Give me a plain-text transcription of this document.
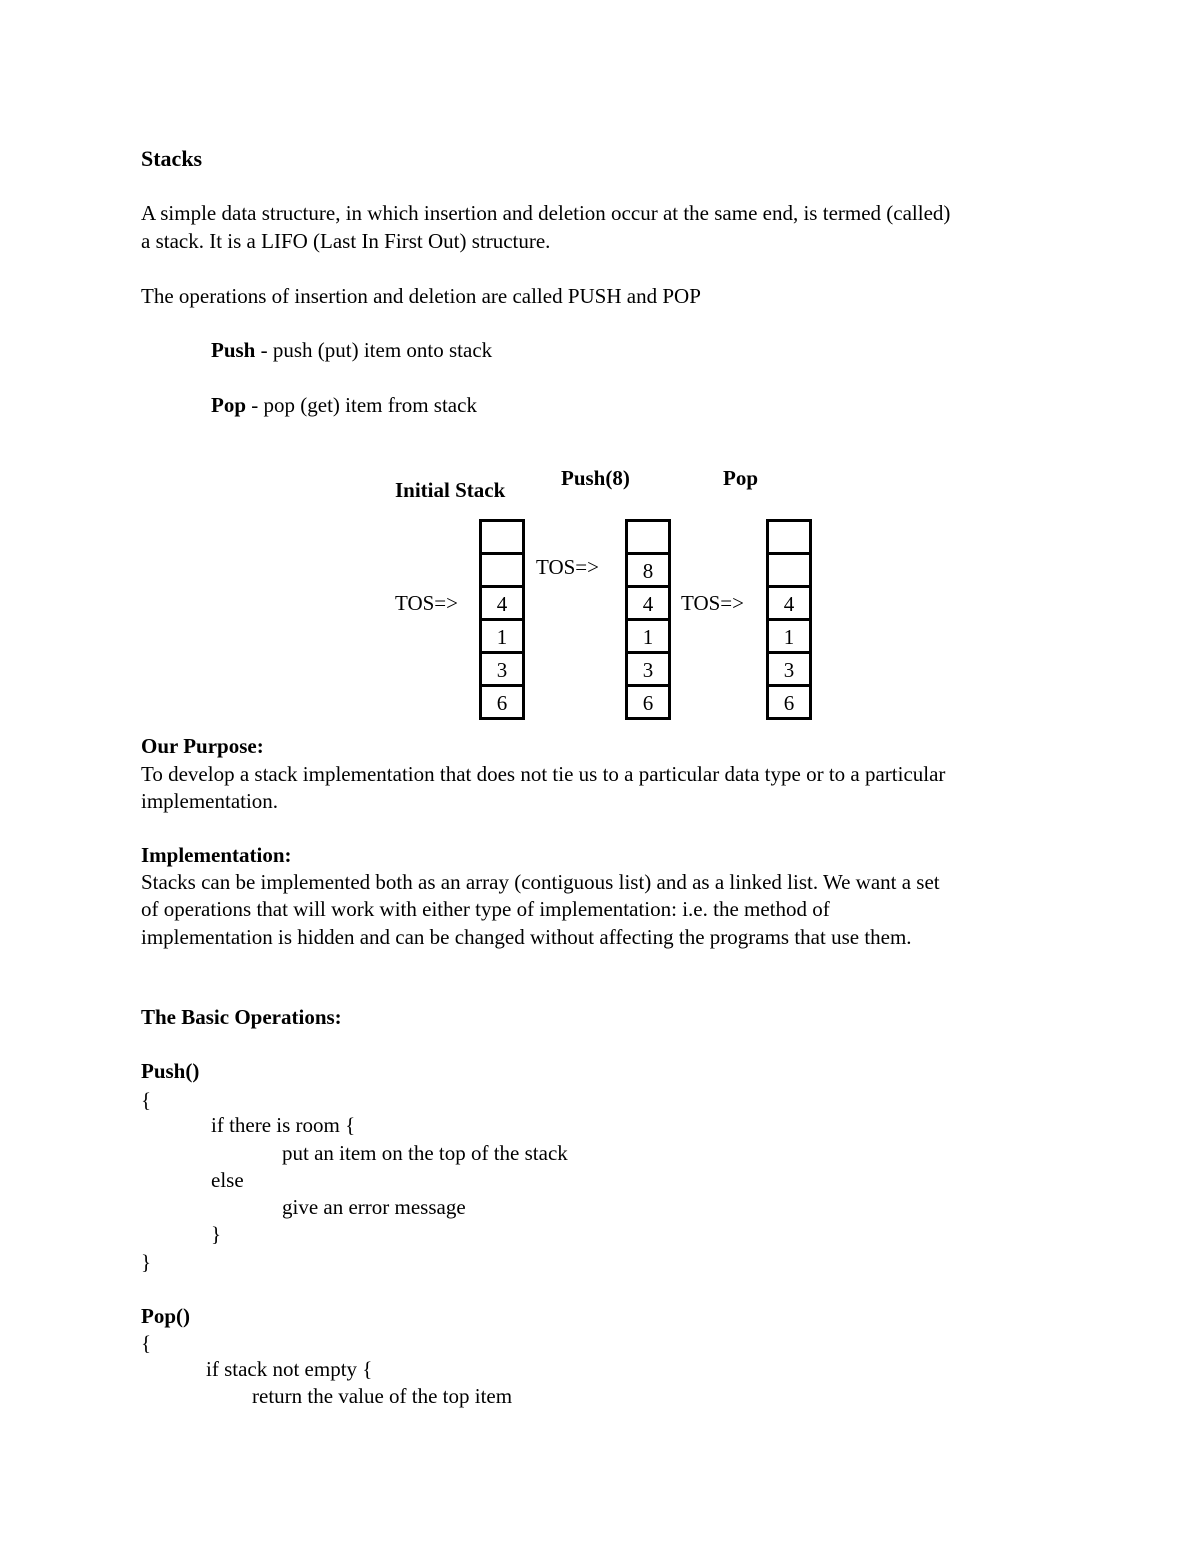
Stacks
A simple data structure, in which insertion and deletion occur at the same end, is termed (called)
a stack. It is a LIFO (Last In First Out) structure.
The operations of insertion and deletion are called PUSH and POP
Push - push (put) item onto stack
Pop - pop (get) item from stack
Initial Stack	Push(8)	Pop
TOS=>
TOS=>
TOS=>
4
1
3
6
8
4
1
3
6
4
1
3
6
Our Purpose:
To develop a stack implementation that does not tie us to a particular data type or to a particular
implementation.
Implementation:
Stacks can be implemented both as an array (contiguous list) and as a linked list. We want a set
of operations that will work with either type of implementation: i.e. the method of
implementation is hidden and can be changed without affecting the programs that use them.
The Basic Operations:
Push()
{
if there is room {
put an item on the top of the stack
else
give an error message
}
}
Pop()
{
if stack not empty {
return the value of the top item
